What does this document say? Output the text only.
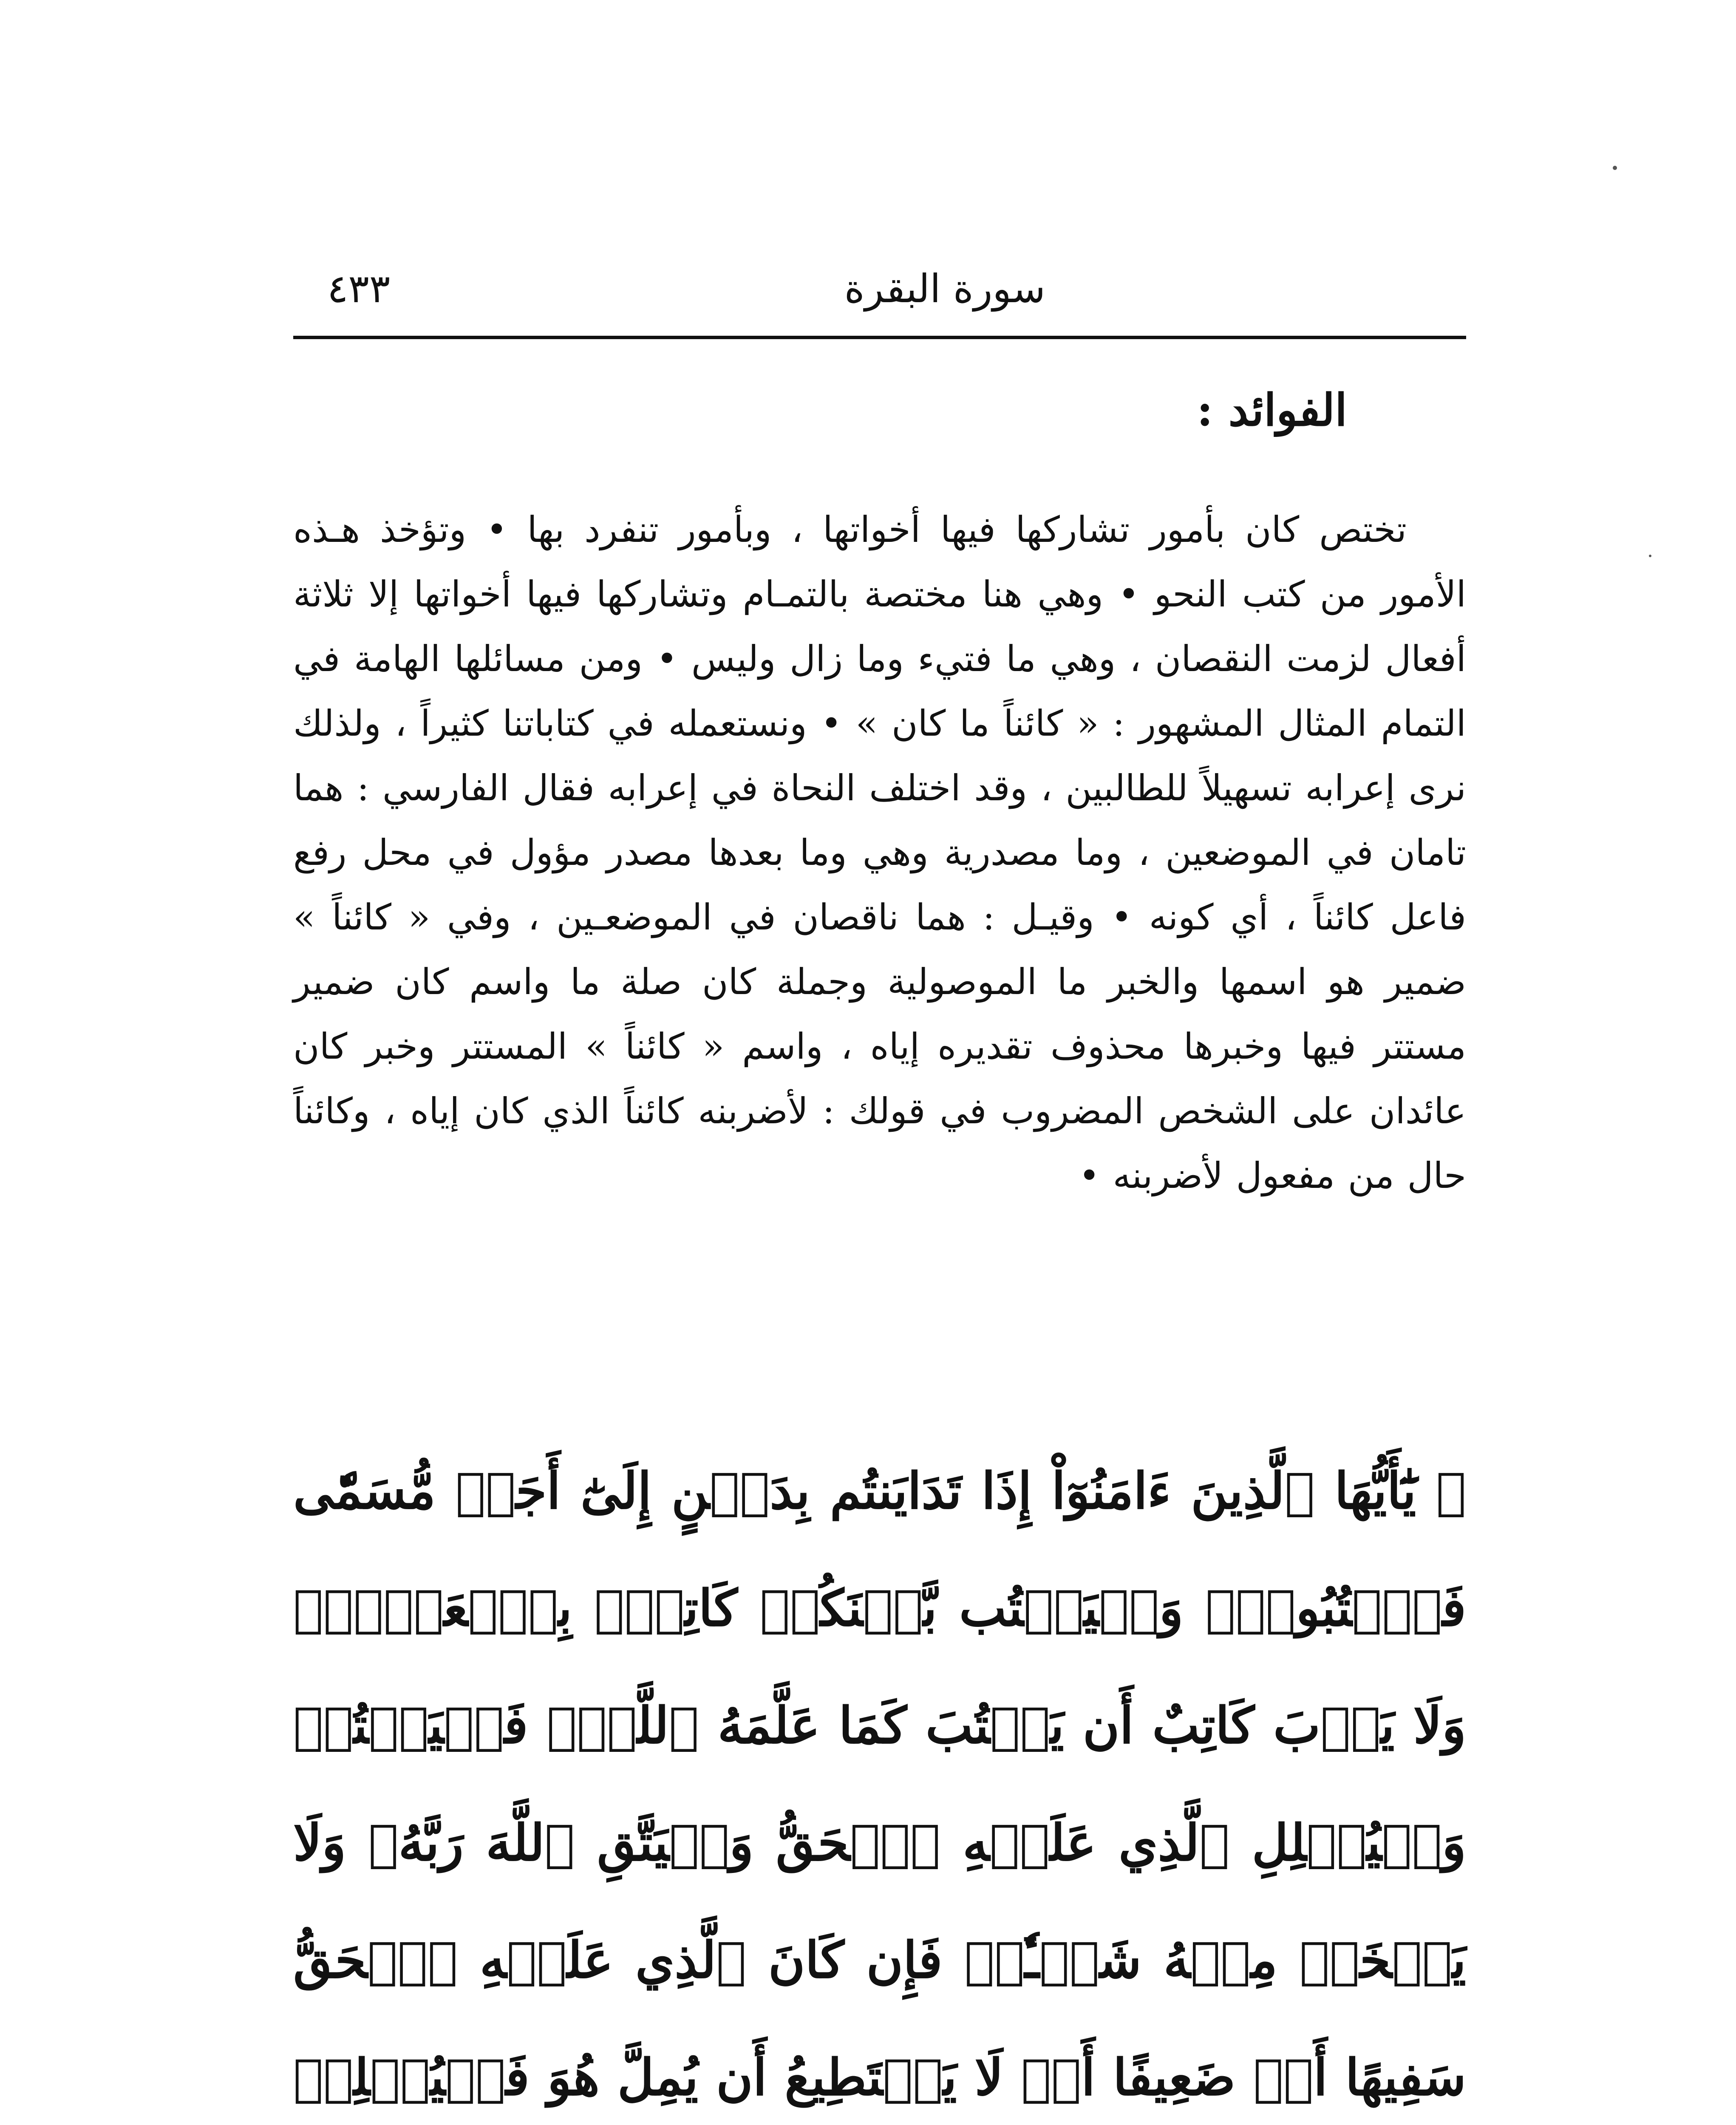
سورة البقرة
٤٣٣
الفوائد :

تختص كان بأمور تشاركها فيها أخواتها ، وبأمور تنفرد بها • وتؤخذ هـذه الأمور من كتب النحو • وهي هنا مختصة بالتمـام وتشاركها فيها أخواتها إلا ثلاثة أفعال لزمت النقصان ، وهي ما فتيء وما زال وليس • ومن مسائلها الهامة في التمام المثال المشهور : « كائناً ما كان » • ونستعمله في كتاباتنا كثيراً ، ولذلك نرى إعرابه تسهيلاً للطالبين ، وقد اختلف النحاة في إعرابه فقال الفارسي : هما تامان في الموضعين ، وما مصدرية وهي وما بعدها مصدر مؤول في محل رفع فاعل كائناً ، أي كونه • وقيـل : هما ناقصان في الموضعـين ، وفي « كائناً » ضمير هو اسمها والخبر ما الموصولية وجملة كان صلة ما واسم كان ضمير مستتر فيها وخبرها محذوف تقديره إياه ، واسم « كائناً » المستتر وخبر كان عائدان على الشخص المضروب في قولك : لأضربنه كائناً الذي كان إياه ، وكائناً حال من مفعول لأضربنه •

﴿ يَٰٓأَيُّهَا ٱلَّذِينَ ءَامَنُوٓاْ إِذَا تَدَايَنتُم بِدَيۡنٍ إِلَىٰٓ أَجَلٖ مُّسَمّٗى فَٱكۡتُبُوهُۚ وَلۡيَكۡتُب بَّيۡنَكُمۡ كَاتِبُۢ بِٱلۡعَدۡلِۚ وَلَا يَأۡبَ كَاتِبٌ أَن يَكۡتُبَ كَمَا عَلَّمَهُ ٱللَّهُۚ فَلۡيَكۡتُبۡ وَلۡيُمۡلِلِ ٱلَّذِي عَلَيۡهِ ٱلۡحَقُّ وَلۡيَتَّقِ ٱللَّهَ رَبَّهُۥ وَلَا يَبۡخَسۡ مِنۡهُ شَيۡـٔٗاۚ فَإِن كَانَ ٱلَّذِي عَلَيۡهِ ٱلۡحَقُّ سَفِيهًا أَوۡ ضَعِيفًا أَوۡ لَا يَسۡتَطِيعُ أَن يُمِلَّ هُوَ فَلۡيُمۡلِلۡ
